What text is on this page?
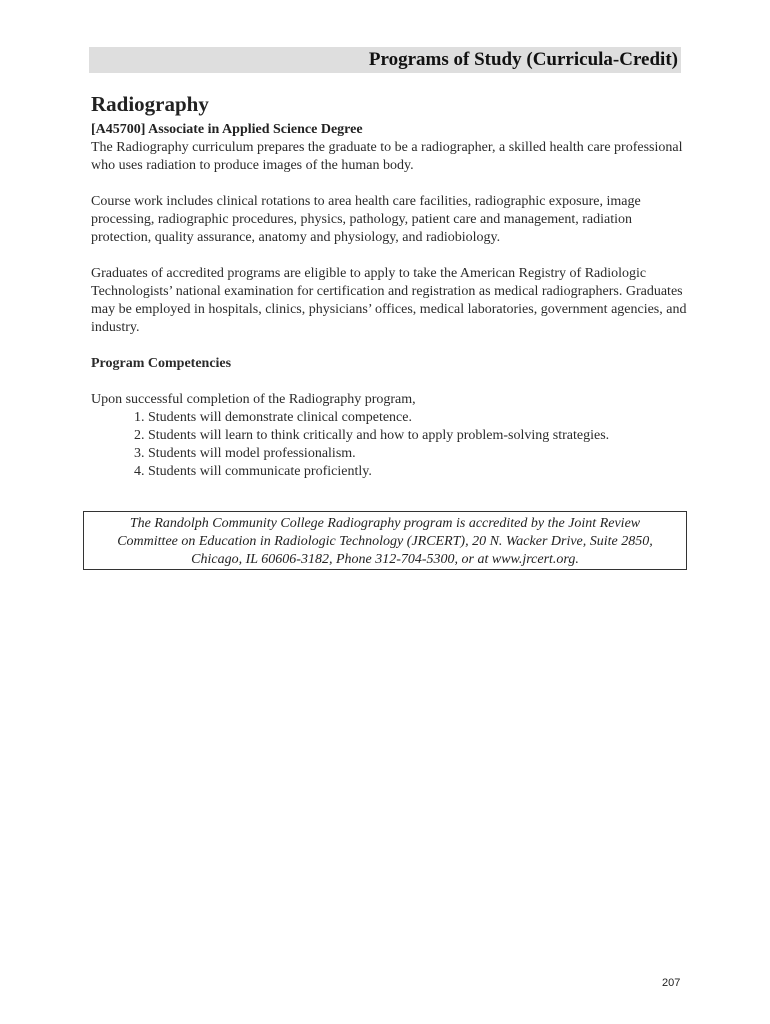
Programs of Study (Curricula-Credit)
Radiography

[A45700] Associate in Applied Science Degree

The Radiography curriculum prepares the graduate to be a radiographer, a skilled health care professional who uses radiation to produce images of the human body.

Course work includes clinical rotations to area health care facilities, radiographic exposure, image processing, radiographic procedures, physics, pathology, patient care and management, radiation protection, quality assurance, anatomy and physiology, and radiobiology.

Graduates of accredited programs are eligible to apply to take the American Registry of Radiologic Technologists’ national examination for certification and registration as medical radiographers. Graduates may be employed in hospitals, clinics, physicians’ offices, medical laboratories, government agencies, and industry.

Program Competencies

Upon successful completion of the Radiography program,

1. Students will demonstrate clinical competence.
2. Students will learn to think critically and how to apply problem-solving strategies.
3. Students will model professionalism.
4. Students will communicate proficiently.
The Randolph Community College Radiography program is accredited by the Joint Review
Committee on Education in Radiologic Technology (JRCERT), 20 N. Wacker Drive, Suite 2850,
Chicago, IL 60606-3182, Phone 312-704-5300, or at www.jrcert.org.
207
